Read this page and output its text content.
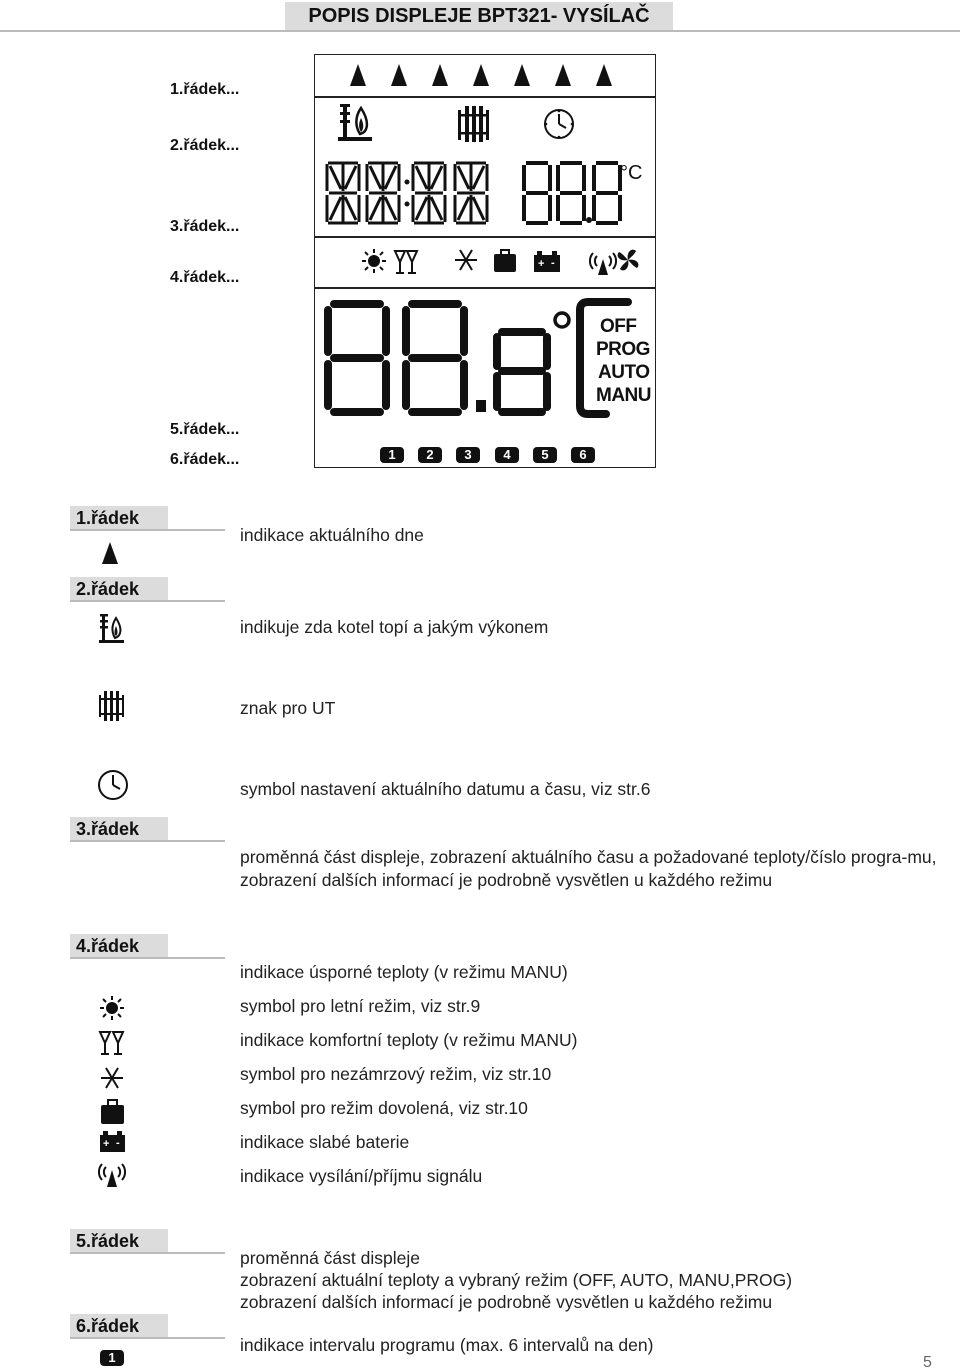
POPIS DISPLEJE BPT321- VYSÍLAČ
1.řádek...
2.řádek...
3.řádek...
4.řádek...
5.řádek...
6.řádek...
°C
+ -
OFF
PROG
AUTO
MANU
1	2	3	4	5	6
1.řádek
indikace aktuálního dne
2.řádek
indikuje zda kotel topí a jakým výkonem
znak pro UT
symbol nastavení aktuálního datumu a času, viz str.6
3.řádek
proměnná část displeje, zobrazení aktuálního času a požadované teploty/číslo progra-mu, zobrazení dalších informací je podrobně vysvětlen u každého režimu
4.řádek
indikace úsporné teploty (v režimu MANU)
symbol pro letní režim, viz str.9
indikace komfortní teploty (v režimu MANU)
symbol pro nezámrzový režim, viz str.10
symbol pro režim dovolená, viz str.10
+ -	indikace slabé baterie
indikace vysílání/příjmu signálu
5.řádek
proměnná část displeje
zobrazení aktuální teploty a vybraný režim (OFF, AUTO, MANU,PROG)
zobrazení dalších informací je podrobně vysvětlen u každého režimu
6.řádek
1
indikace intervalu programu (max. 6 intervalů na den)
5
